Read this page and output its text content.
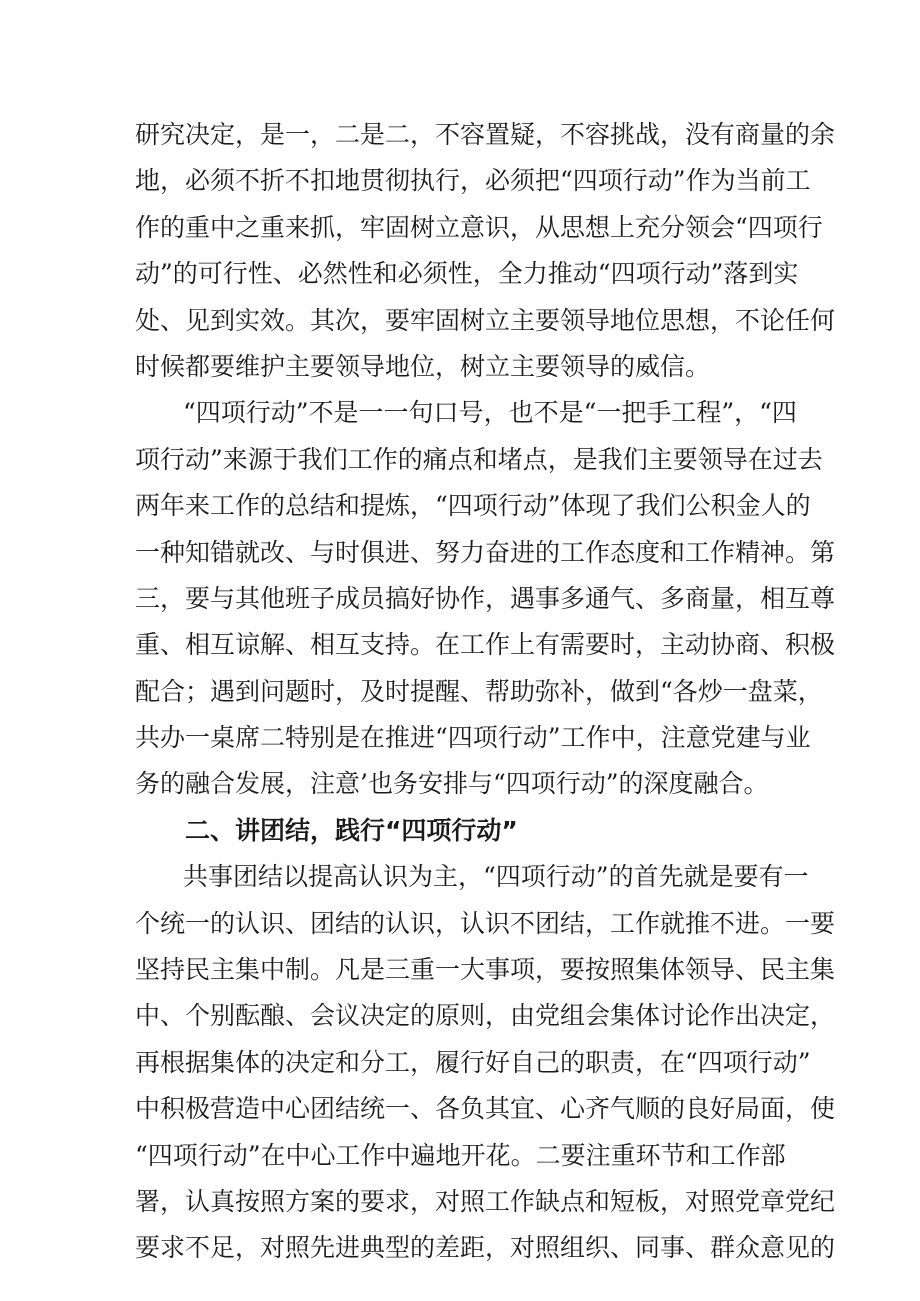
研究决定，是一，二是二，不容置疑，不容挑战，没有商量的余
地，必须不折不扣地贯彻执行，必须把“四项行动”作为当前工
作的重中之重来抓，牢固树立意识，从思想上充分领会“四项行
动”的可行性、必然性和必须性，全力推动“四项行动”落到实
处、见到实效。其次，要牢固树立主要领导地位思想，不论任何
时候都要维护主要领导地位，树立主要领导的威信。
“四项行动”不是一一句口号，也不是“一把手工程”，“四
项行动”来源于我们工作的痛点和堵点，是我们主要领导在过去
两年来工作的总结和提炼，“四项行动”体现了我们公积金人的
一种知错就改、与时俱进、努力奋进的工作态度和工作精神。第
三，要与其他班子成员搞好协作，遇事多通气、多商量，相互尊
重、相互谅解、相互支持。在工作上有需要时，主动协商、积极
配合；遇到问题时，及时提醒、帮助弥补，做到“各炒一盘菜，
共办一桌席二特别是在推进“四项行动”工作中，注意党建与业
务的融合发展，注意’也务安排与“四项行动”的深度融合。
二、讲团结，践行“四项行动”
共事团结以提高认识为主，“四项行动”的首先就是要有一
个统一的认识、团结的认识，认识不团结，工作就推不进。一要
坚持民主集中制。凡是三重一大事项，要按照集体领导、民主集
中、个别酝酿、会议决定的原则，由党组会集体讨论作出决定，
再根据集体的决定和分工，履行好自己的职责，在“四项行动”
中积极营造中心团结统一、各负其宜、心齐气顺的良好局面，使
“四项行动”在中心工作中遍地开花。二要注重环节和工作部
署，认真按照方案的要求，对照工作缺点和短板，对照党章党纪
要求不足，对照先进典型的差距，对照组织、同事、群众意见的
